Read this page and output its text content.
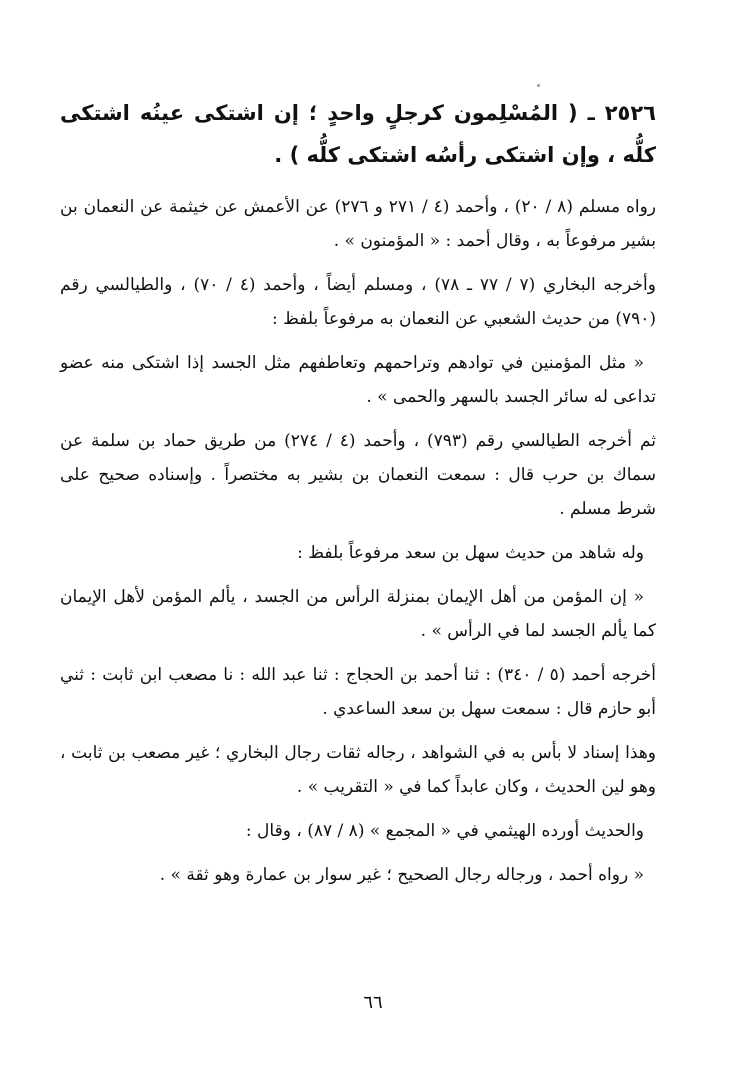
٢٥٢٦ ـ ( المُسْلِمون كرجلٍ واحدٍ ؛ إن اشتكى عينُه اشتكى كلُّه ، وإن اشتكى رأسُه اشتكى كلُّه ) .

رواه مسلم (٨ / ٢٠) ، وأحمد (٤ / ٢٧١ و ٢٧٦) عن الأعمش عن خيثمة عن النعمان بن بشير مرفوعاً به ، وقال أحمد : « المؤمنون » .

وأخرجه البخاري (٧ / ٧٧ ـ ٧٨) ، ومسلم أيضاً ، وأحمد (٤ / ٧٠) ، والطيالسي رقم (٧٩٠) من حديث الشعبي عن النعمان به مرفوعاً بلفظ :

« مثل المؤمنين في توادهم وتراحمهم وتعاطفهم مثل الجسد إذا اشتكى منه عضو تداعى له سائر الجسد بالسهر والحمى » .

ثم أخرجه الطيالسي رقم (٧٩٣) ، وأحمد (٤ / ٢٧٤) من طريق حماد بن سلمة عن سماك بن حرب قال : سمعت النعمان بن بشير به مختصراً . وإسناده صحيح على شرط مسلم .

وله شاهد من حديث سهل بن سعد مرفوعاً بلفظ :

« إن المؤمن من أهل الإيمان بمنزلة الرأس من الجسد ، يألم المؤمن لأهل الإيمان كما يألم الجسد لما في الرأس » .

أخرجه أحمد (٥ / ٣٤٠) : ثنا أحمد بن الحجاج : ثنا عبد الله : نا مصعب ابن ثابت : ثني أبو حازم قال : سمعت سهل بن سعد الساعدي .

وهذا إسناد لا بأس به في الشواهد ، رجاله ثقات رجال البخاري ؛ غير مصعب بن ثابت ، وهو لين الحديث ، وكان عابداً كما في « التقريب » .

والحديث أورده الهيثمي في « المجمع » (٨ / ٨٧) ، وقال :

« رواه أحمد ، ورجاله رجال الصحيح ؛ غير سوار بن عمارة وهو ثقة » .

٦٦
